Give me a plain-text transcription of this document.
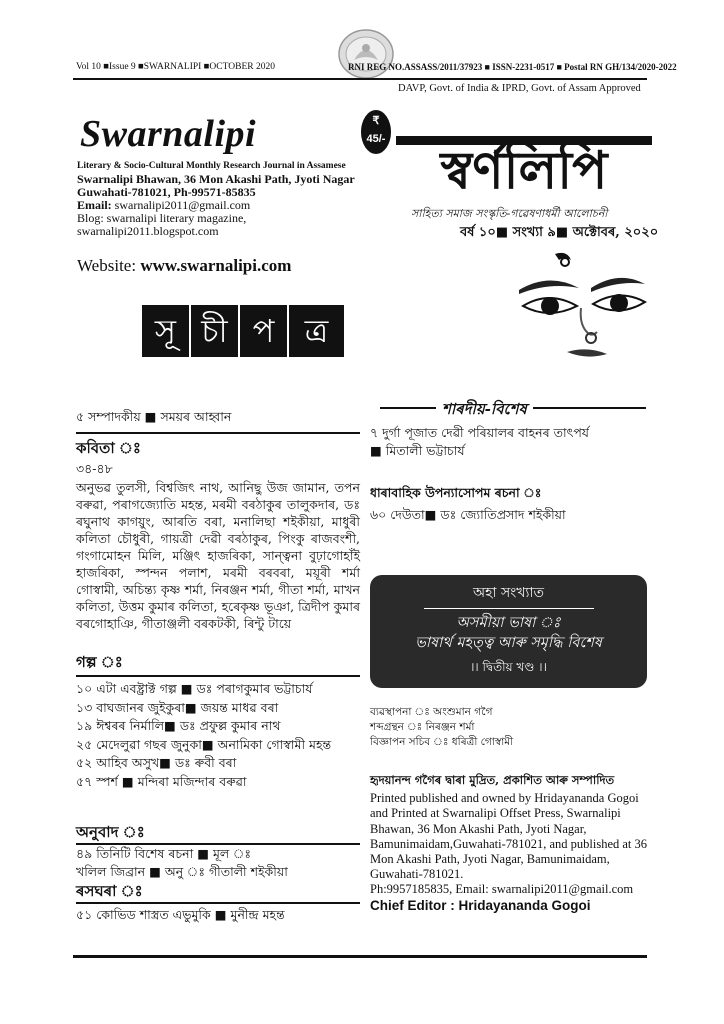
Vol 10 ■Issue 9 ■SWARNALIPI ■OCTOBER 2020	RNI REG NO.ASSASS/2011/37923 ■ ISSN-2231-0517 ■ Postal RN GH/134/2020-2022
DAVP, Govt. of India & IPRD, Govt. of Assam Approved
Swarnalipi	₹ 45/-
Literary & Socio-Cultural Monthly Research Journal in Assamese
Swarnalipi Bhawan, 36 Mon Akashi Path, Jyoti Nagar
Guwahati-781021, Ph-99571-85835
Email: swarnalipi2011@gmail.com
Blog: swarnalipi literary magazine,
swarnalipi2011.blogspot.com
Website: www.swarnalipi.com
স্বৰ্ণলিপি
সাহিত্য সমাজ সংস্কৃতি-গৱেষণাধৰ্মী আলোচনী
বৰ্ষ ১০■ সংখ্যা ৯■ অক্টোবৰ, ২০২০
সূ চী প ত্ৰ
৫ সম্পাদকীয় ■ সময়ৰ আহ্বান
কবিতা ঃ
৩৪-৪৮
অনুভৱ তুলসী, বিশ্বজিৎ নাথ, আনিছু উজ জামান, তপন বৰুৱা, পৰাগজ্যোতি মহন্ত, মৰমী বৰঠাকুৰ তালুকদাৰ, ডঃ ৰঘুনাথ কাগয়ুং, আৰতি বৰা, মনালিছা শইকীয়া, মাধুৰী কলিতা চৌধুৰী, গায়ত্ৰী দেৱী বৰঠাকুৰ, পিংকু ৰাজবংশী, গংগামোহন মিলি, মঞ্জিৎ হাজৰিকা, সান্ত্বনা বুঢ়াগোহাঁই হাজৰিকা, স্পন্দন পলাশ, মৰমী বৰবৰা, ময়ূৰী শৰ্মা গোস্বামী, অচিন্ত্য কৃষ্ণ শৰ্মা, নিৰঞ্জন শৰ্মা, গীতা শৰ্মা, মাখন কলিতা, উত্তম কুমাৰ কলিতা, হৰেকৃষ্ণ ভূঞা, ত্ৰিদীপ কুমাৰ বৰগোহাঞি, গীতাঞ্জলী বৰকটকী, ৰিন্টু টায়ে
গল্প ঃ
১০ এটা এবষ্ট্ৰাক্ট গল্প ■ ডঃ পৰাগকুমাৰ ভট্টাচাৰ্য
১৩ বাঘজানৰ জুইকুৰা■ জয়ন্ত মাধৱ বৰা
১৯ ঈশ্বৰৰ নিৰ্মালি■ ডঃ প্ৰফুল্ল কুমাৰ নাথ
২৫ মেদেলুৱা গছৰ জুনুকা■ অনামিকা গোস্বামী মহন্ত
৫২ আহিব অসুখ■ ডঃ ৰুবী বৰা
৫৭ স্পৰ্শ ■ মন্দিৰা মজিন্দাৰ বৰুৱা
অনুবাদ ঃ
৪৯ তিনিটি বিশেষ ৰচনা ■ মূল ঃ
খলিল জিব্ৰান ■ অনু ঃ গীতালী শইকীয়া
ৰসঘৰা ঃ
৫১ কোভিড শাস্ত্ৰত এভুমুকি ■ মুনীন্দ্ৰ মহন্ত
শাৰদীয়-বিশেষ
৭ দুৰ্গা পূজাত দেৱী পৰিয়ালৰ বাহনৰ তাৎপৰ্য
■ মিতালী ভট্টাচাৰ্য
ধাৰাবাহিক উপন্যাসোপম ৰচনা ঃ
৬০ দেউতা■ ডঃ জ্যোতিপ্ৰসাদ শইকীয়া
অহা সংখ্যাত
অসমীয়া ভাষা ঃ
ভাষাৰ্থ মহত্ত্ব আৰু সমৃদ্ধি বিশেষ
।। দ্বিতীয় খণ্ড ।।
ব্যৱস্থাপনা ঃ অংশুমান গগৈ
শব্দগ্ৰন্থন ঃ নিৰঞ্জন শৰ্মা
বিজ্ঞাপন সচিব ঃ ধৰিত্ৰী গোস্বামী
হৃদয়ানন্দ গগৈৰ দ্বাৰা মুদ্ৰিত, প্ৰকাশিত আৰু সম্পাদিত
Printed published and owned by Hridayananda Gogoi and Printed at Swarnalipi Offset Press, Swarnalipi Bhawan, 36 Mon Akashi Path, Jyoti Nagar, Bamunimaidam,Guwahati-781021, and published at 36 Mon Akashi Path, Jyoti Nagar, Bamunimaidam, Guwahati-781021.
Ph:9957185835, Email: swarnalipi2011@gmail.com
Chief Editor : Hridayananda Gogoi
